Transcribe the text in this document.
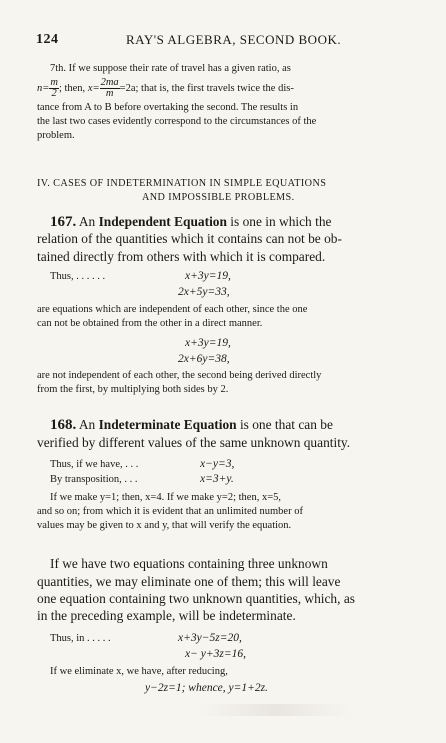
124	RAY'S ALGEBRA, SECOND BOOK.
7th. If we suppose their rate of travel has a given ratio, as
$n= \frac{m}{2}$ ; then, $x= \frac{2ma}{m} =2a$; that is, the first travels twice the dis-
tance from A to B before overtaking the second. The results in
the last two cases evidently correspond to the circumstances of the
problem.
IV. CASES OF INDETERMINATION IN SIMPLE EQUATIONS
AND IMPOSSIBLE PROBLEMS.
167. An Independent Equation is one in which the
relation of the quantities which it contains can not be ob-
tained directly from others with which it is compared.
Thus, . . . . . .	x+3y=19,
2x+5y=33,
are equations which are independent of each other, since the one
can not be obtained from the other in a direct manner.
x+3y=19,
2x+6y=38,
are not independent of each other, the second being derived directly
from the first, by multiplying both sides by 2.
168. An Indeterminate Equation is one that can be
verified by different values of the same unknown quantity.
Thus, if we have, . . .	x−y=3,
By transposition, . . .	x=3+y.
If we make y=1; then, x=4. If we make y=2; then, x=5,
and so on; from which it is evident that an unlimited number of
values may be given to x and y, that will verify the equation.
If we have two equations containing three unknown
quantities, we may eliminate one of them; this will leave
one equation containing two unknown quantities, which, as
in the preceding example, will be indeterminate.
Thus, in . . . . .	x+3y−5z=20,
x− y+3z=16,
If we eliminate x, we have, after reducing,
y−2z=1; whence, y=1+2z.
